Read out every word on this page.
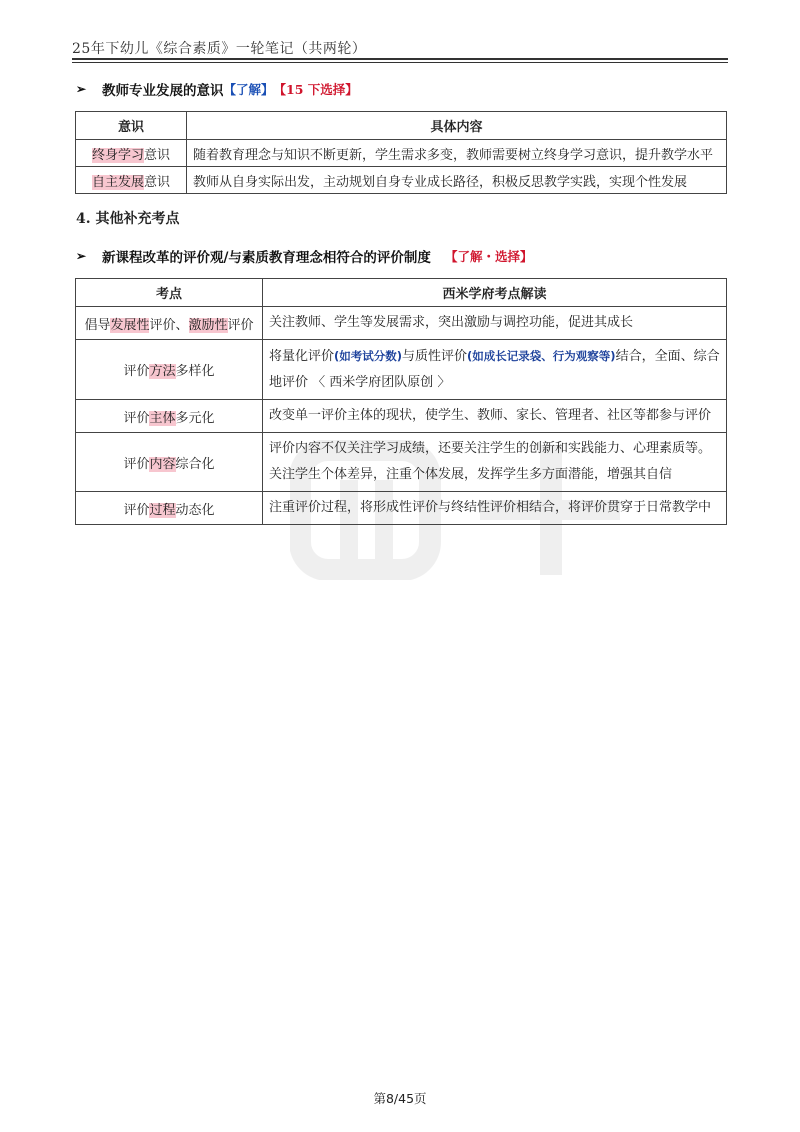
25年下幼儿《综合素质》一轮笔记（共两轮）
➢	教师专业发展的意识 【了解】 【15 下选择】
意识	具体内容
终身学习意识	随着教育理念与知识不断更新，学生需求多变，教师需要树立终身学习意识，提升教学水平
自主发展意识	教师从自身实际出发，主动规划自身专业成长路径，积极反思教学实践，实现个性发展
4. 其他补充考点
➢	新课程改革的评价观/与素质教育理念相符合的评价制度 【了解・选择】
考点	西米学府考点解读
倡导发展性评价、激励性评价	关注教师、学生等发展需求，突出激励与调控功能，促进其成长
评价方法多样化	将量化评价(如考试分数)与质性评价(如成长记录袋、行为观察等)结合，全面、综合地评价 〈 西米学府团队原创 〉
评价主体多元化	改变单一评价主体的现状，使学生、教师、家长、管理者、社区等都参与评价
评价内容综合化	评价内容不仅关注学习成绩，还要关注学生的创新和实践能力、心理素质等。
关注学生个体差异，注重个体发展，发挥学生多方面潜能，增强其自信

评价过程动态化	注重评价过程，将形成性评价与终结性评价相结合，将评价贯穿于日常教学中
第8/45页
